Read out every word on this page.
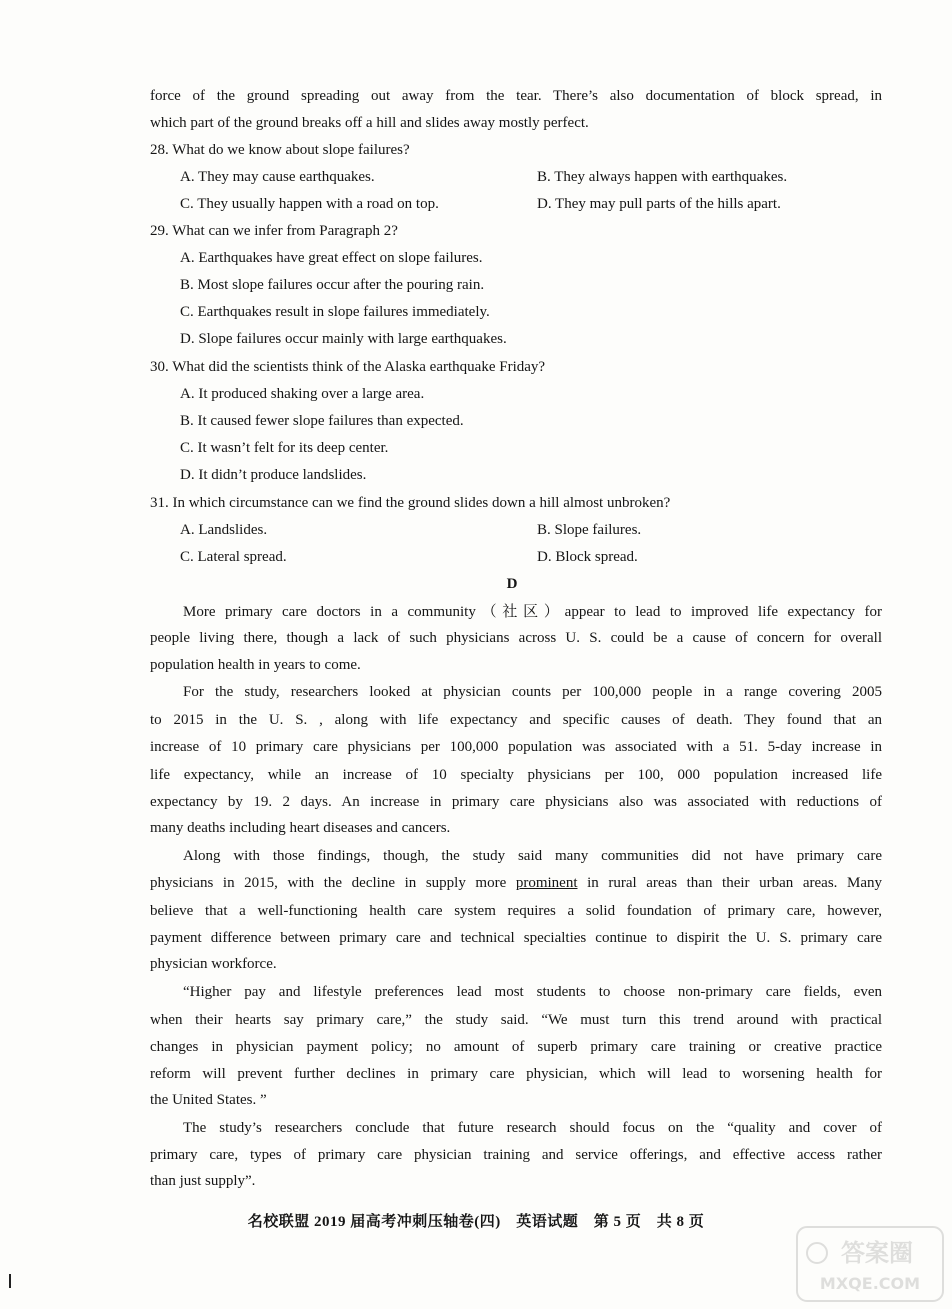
force of the ground spreading out away from the tear. There’s also documentation of block spread, in
which part of the ground breaks off a hill and slides away mostly perfect.
28. What do we know about slope failures?
A. They may cause earthquakes.	B. They always happen with earthquakes.
C. They usually happen with a road on top.	D. They may pull parts of the hills apart.
29. What can we infer from Paragraph 2?
A. Earthquakes have great effect on slope failures.
B. Most slope failures occur after the pouring rain.
C. Earthquakes result in slope failures immediately.
D. Slope failures occur mainly with large earthquakes.
30. What did the scientists think of the Alaska earthquake Friday?
A. It produced shaking over a large area.
B. It caused fewer slope failures than expected.
C. It wasn’t felt for its deep center.
D. It didn’t produce landslides.
31. In which circumstance can we find the ground slides down a hill almost unbroken?
A. Landslides.	B. Slope failures.
C. Lateral spread.	D. Block spread.
D
More primary care doctors in a community（社区）appear to lead to improved life expectancy for
people living there, though a lack of such physicians across U. S. could be a cause of concern for overall
population health in years to come.
For the study, researchers looked at physician counts per 100,000 people in a range covering 2005
to 2015 in the U. S. , along with life expectancy and specific causes of death. They found that an
increase of 10 primary care physicians per 100,000 population was associated with a 51. 5-day increase in
life expectancy, while an increase of 10 specialty physicians per 100, 000 population increased life
expectancy by 19. 2 days. An increase in primary care physicians also was associated with reductions of
many deaths including heart diseases and cancers.
Along with those findings, though, the study said many communities did not have primary care
physicians in 2015, with the decline in supply more prominent in rural areas than their urban areas. Many
believe that a well-functioning health care system requires a solid foundation of primary care, however,
payment difference between primary care and technical specialties continue to dispirit the U. S. primary care
physician workforce.
“Higher pay and lifestyle preferences lead most students to choose non-primary care fields, even
when their hearts say primary care,” the study said. “We must turn this trend around with practical
changes in physician payment policy; no amount of superb primary care training or creative practice
reform will prevent further declines in primary care physician, which will lead to worsening health for
the United States. ”
The study’s researchers conclude that future research should focus on the “quality and cover of
primary care, types of primary care physician training and service offerings, and effective access rather
than just supply”.
名校联盟 2019 届高考冲刺压轴卷(四)　英语试题　第 5 页　共 8 页
答案圈
MXQE.COM
